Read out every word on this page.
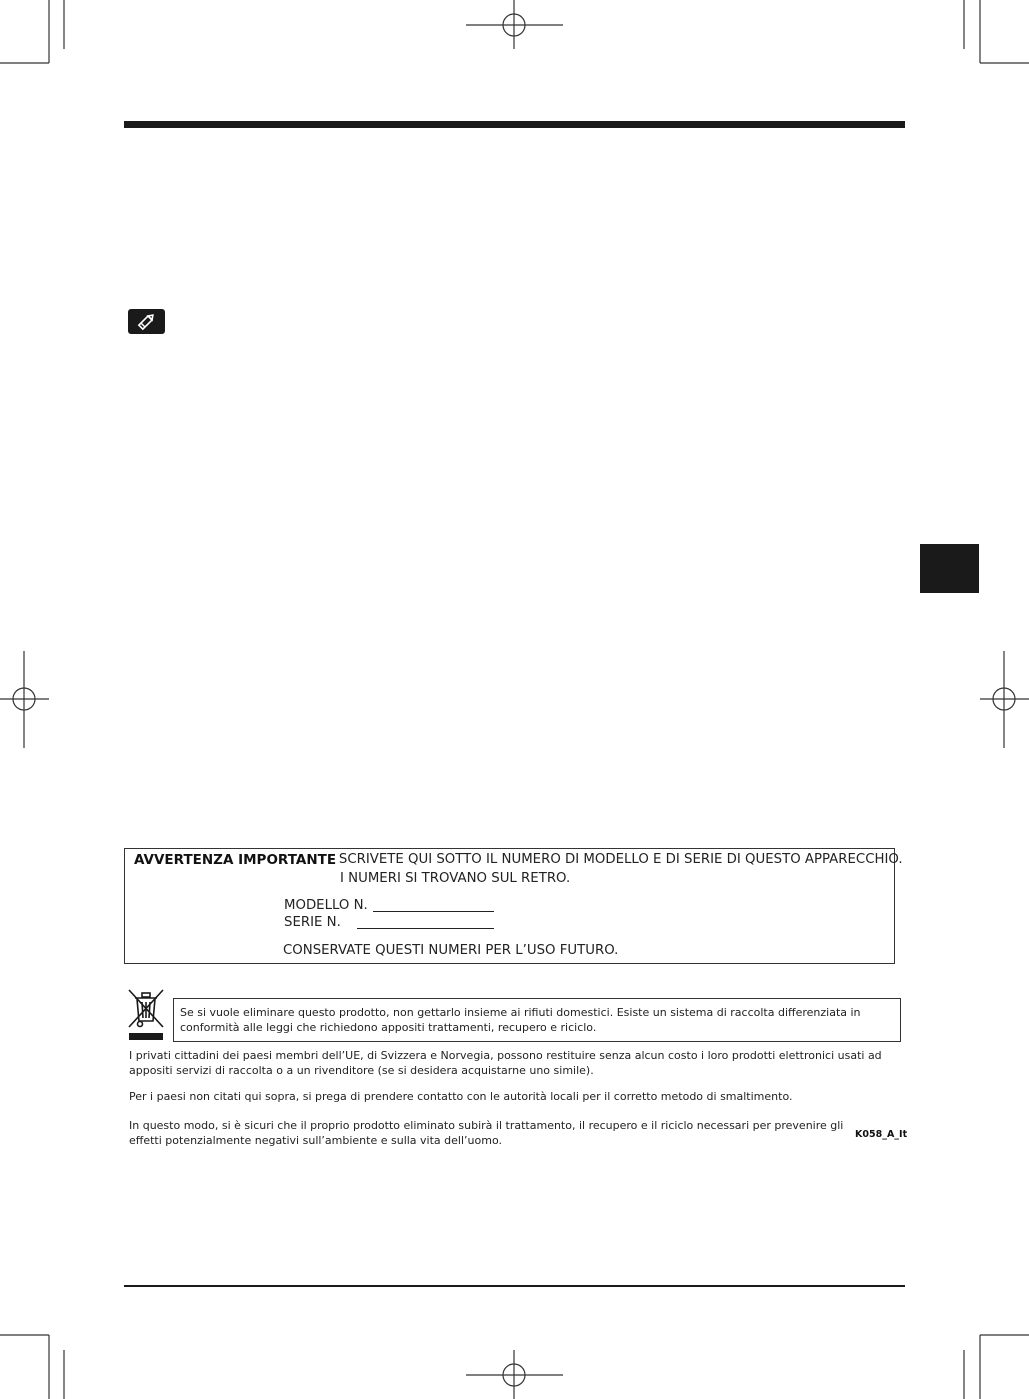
AVVERTENZA IMPORTANTE
– SCRIVETE QUI SOTTO IL NUMERO DI MODELLO E DI SERIE DI QUESTO APPARECCHIO.
I NUMERI SI TROVANO SUL RETRO.
MODELLO N.
SERIE N.
CONSERVATE QUESTI NUMERI PER L’USO FUTURO.
Se si vuole eliminare questo prodotto, non gettarlo insieme ai rifiuti domestici. Esiste un sistema di raccolta differenziata in conformità alle leggi che richiedono appositi trattamenti, recupero e riciclo.
I privati cittadini dei paesi membri dell’UE, di Svizzera e Norvegia, possono restituire senza alcun costo i loro prodotti elettronici usati ad appositi servizi di raccolta o a un rivenditore (se si desidera acquistarne uno simile).
Per i paesi non citati qui sopra, si prega di prendere contatto con le autorità locali per il corretto metodo di smaltimento.
In questo modo, si è sicuri che il proprio prodotto eliminato subirà il trattamento, il recupero e il riciclo necessari per prevenire gli effetti potenzialmente negativi sull’ambiente e sulla vita dell’uomo.	K058_A_It
